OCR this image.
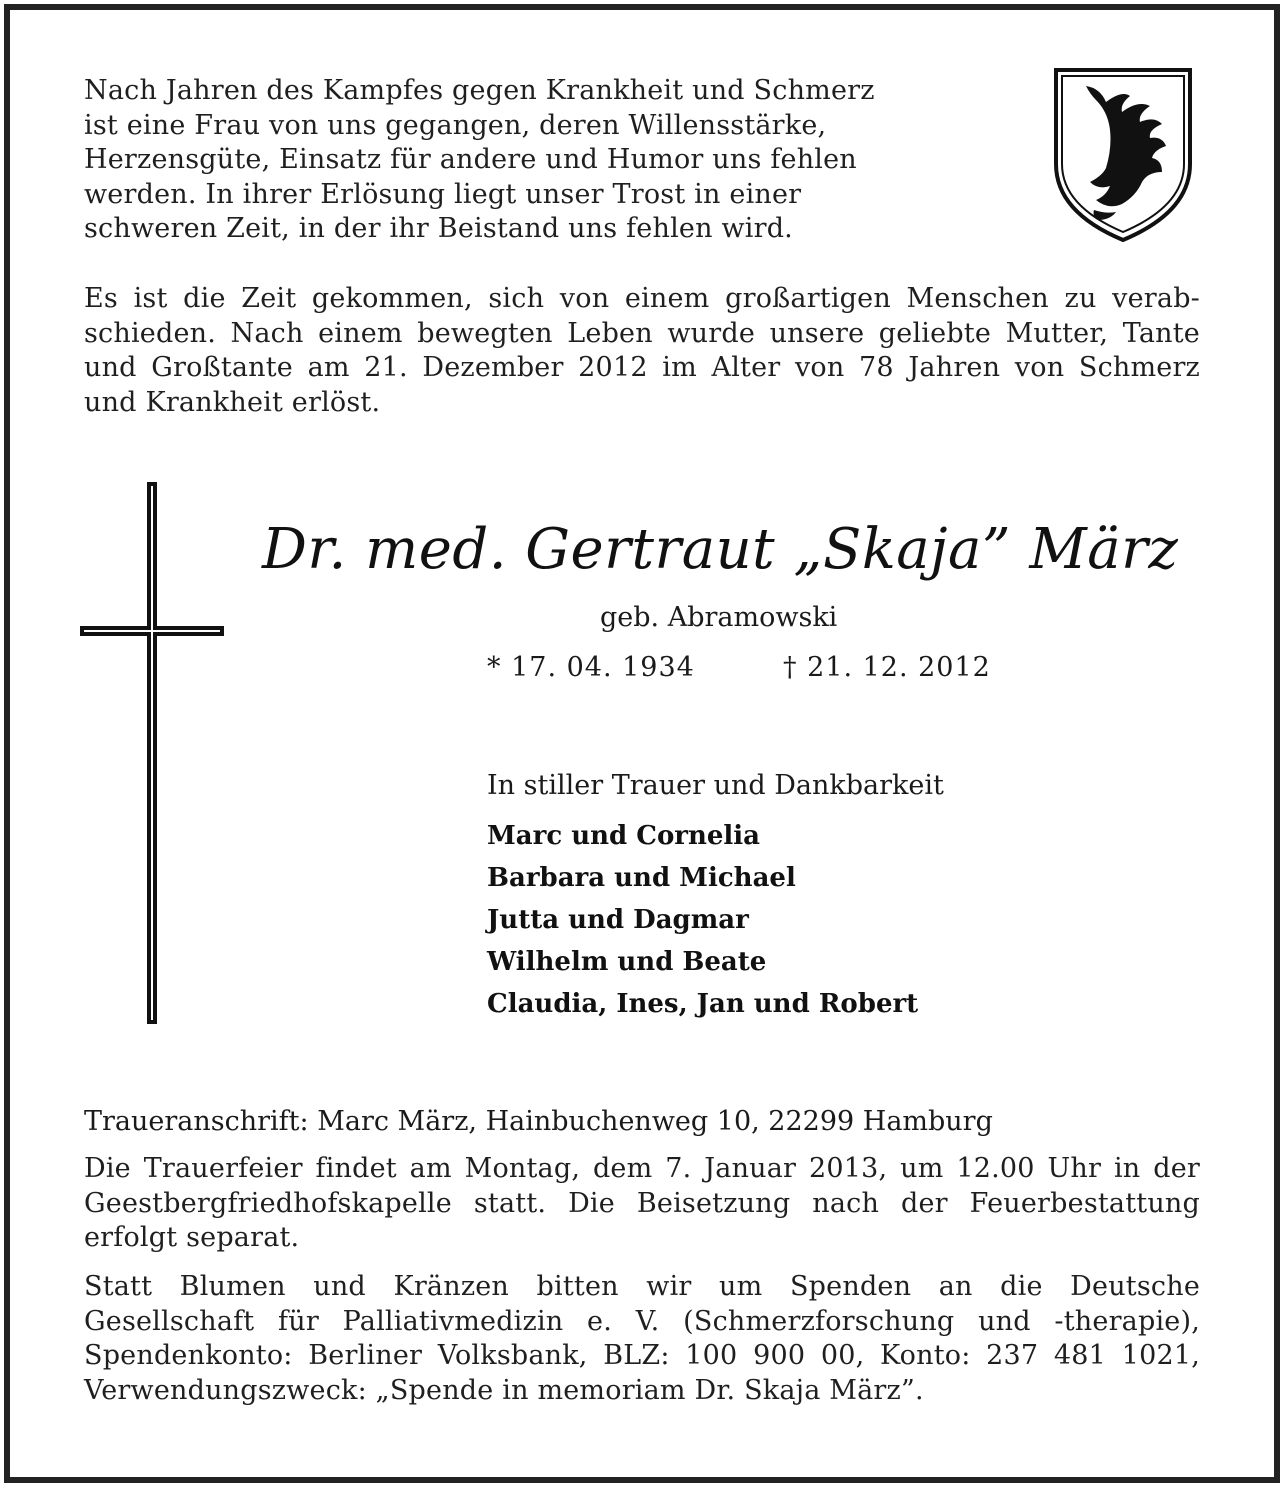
Nach Jahren des Kampfes gegen Krankheit und Schmerz
ist eine Frau von uns gegangen, deren Willensstärke,
Herzensgüte, Einsatz für andere und Humor uns fehlen
werden. In ihrer Erlösung liegt unser Trost in einer
schweren Zeit, in der ihr Beistand uns fehlen wird.
Es ist die Zeit gekommen, sich von einem großartigen Menschen zu verab-
schieden. Nach einem bewegten Leben wurde unsere geliebte Mutter, Tante
und Großtante am 21. Dezember 2012 im Alter von 78 Jahren von Schmerz
und Krankheit erlöst.
Dr. med. Gertraut „Skaja” März
geb. Abramowski
* 17. 04. 1934	† 21. 12. 2012
In stiller Trauer und Dankbarkeit
Marc und Cornelia
Barbara und Michael
Jutta und Dagmar
Wilhelm und Beate
Claudia, Ines, Jan und Robert
Traueranschrift: Marc März, Hainbuchenweg 10, 22299 Hamburg
Die Trauerfeier findet am Montag, dem 7. Januar 2013, um 12.00 Uhr in der
Geestbergfriedhofskapelle statt. Die Beisetzung nach der Feuerbestattung
erfolgt separat.
Statt Blumen und Kränzen bitten wir um Spenden an die Deutsche
Gesellschaft für Palliativmedizin e. V. (Schmerzforschung und -therapie),
Spendenkonto: Berliner Volksbank, BLZ: 100 900 00, Konto: 237 481 1021,
Verwendungszweck: „Spende in memoriam Dr. Skaja März”.
